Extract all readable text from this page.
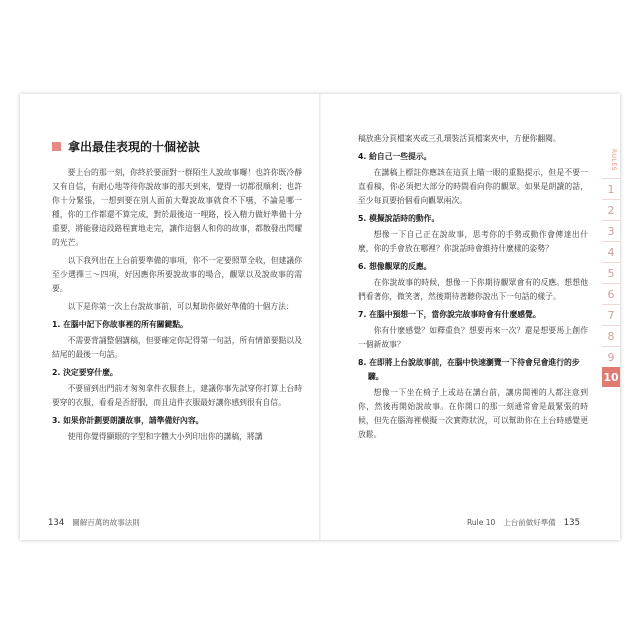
拿出最佳表現的十個祕訣

要上台的那一刻，你終於要面對一群陌生人說故事囉！也許你既冷靜又有自信，有耐心地等待你說故事的那天到來，覺得一切都很順利；也許你十分緊張，一想到要在別人面前大聲說故事就食不下嚥，不論是哪一種，你的工作都還不算完成，對於最後這一哩路，投入精力做好準備十分重要，將能發這段路程實地走完，讓作這個人和你的故事，都散發出閃耀的光芒。

以下我列出在上台前要準備的事項，你不一定要照單全收，但建議你至少選擇三～四項，好因應你所要說故事的場合，觀眾以及說故事的需要。

以下是你第一次上台說故事前，可以幫助你做好準備的十個方法：

1. 在腦中記下你故事裡的所有關鍵點。

不需要背誦整個講稿，但要確定你記得第一句話，所有情節要點以及結尾的最後一句話。

2. 決定要穿什麼。

不要留到出門前才匆匆拿件衣服套上，建議你事先試穿你打算上台時要穿的衣服，看看是否舒服，而且這件衣服最好讓你感到很有自信。

3. 如果你計劃要朗讀故事，請準備好內容。

使用你覺得顯眼的字型和字體大小列印出你的講稿，將講

134 圖解百萬的故事法則

稿放進分頁檔案夾或三孔環裝活頁檔案夾中，方便你翻閱。

4. 給自己一些提示。

在講稿上標註你應該在這頁上瞄一眼的重點提示，但是不要一直看稿，你必須把大部分的時間看向你的觀眾。如果是朗讀的話，至少每頁要抬個看向觀眾兩次。

5. 模擬說話時的動作。

想像一下自己正在說故事，思考你的手勢或動作會傳達出什麼，你的手會放在哪裡？你說話時會維持什麼樣的姿勢？

6. 想像觀眾的反應。

在你說故事的時候，想像一下你期待觀眾會有的反應。想想他們看著你，微笑著，然後期待著聽你說出下一句話的樣子。

7. 在腦中預想一下，當你說完故事時會有什麼感覺。

你有什麼感覺？如釋重負？想要再來一次？還是想要馬上創作一個新故事？

8. 在即將上台說故事前，在腦中快速瀏覽一下待會兒會進行的步驟。

想像一下坐在椅子上或站在講台前，讓房間裡的人都注意到你，然後再開始說故事。在你開口的那一刻通常會是最緊張的時候，但先在腦海裡模擬一次實際狀況，可以幫助你在上台時感覺更放鬆。

Rule 10 上台前做好準備 135
RULES
1
2
3
4
5
6
7
8
9
10
